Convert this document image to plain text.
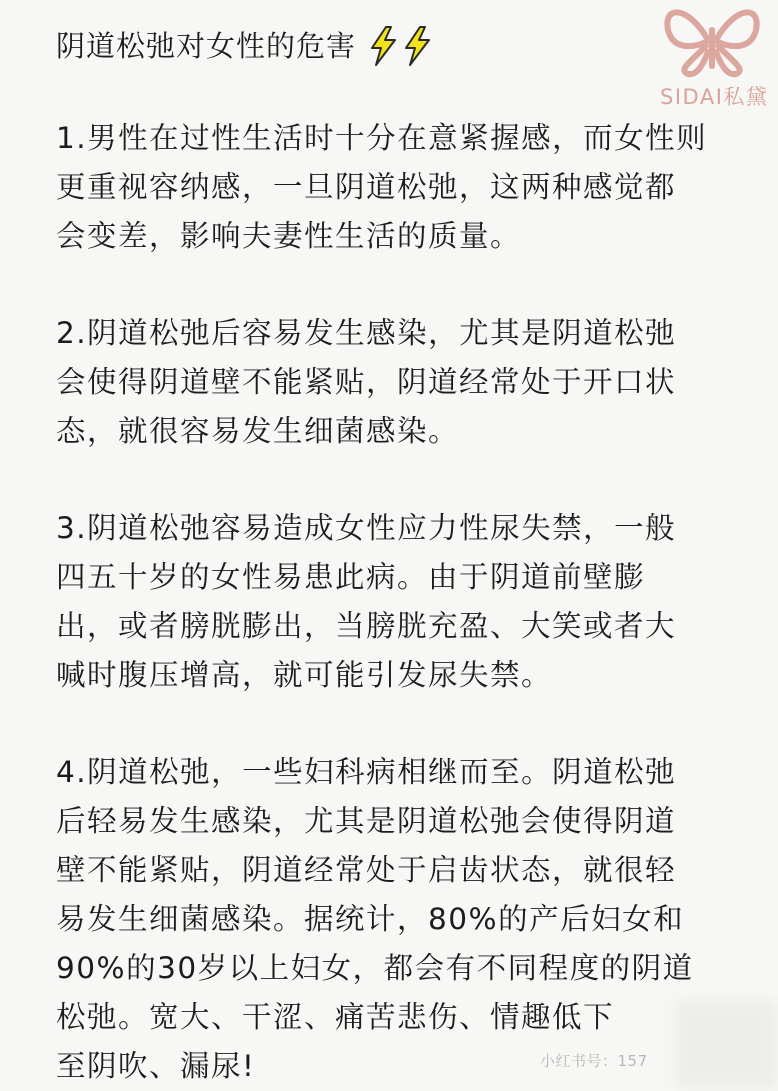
阴道松弛对女性的危害

1.男性在过性生活时十分在意紧握感，而女性则
更重视容纳感，一旦阴道松弛，这两种感觉都
会变差，影响夫妻性生活的质量。

2.阴道松弛后容易发生感染，尤其是阴道松弛
会使得阴道壁不能紧贴，阴道经常处于开口状
态，就很容易发生细菌感染。

3.阴道松弛容易造成女性应力性尿失禁，一般
四五十岁的女性易患此病。由于阴道前壁膨
出，或者膀胱膨出，当膀胱充盈、大笑或者大
喊时腹压增高，就可能引发尿失禁。

4.阴道松弛，一些妇科病相继而至。阴道松弛
后轻易发生感染，尤其是阴道松弛会使得阴道
壁不能紧贴，阴道经常处于启齿状态，就很轻
易发生细菌感染。据统计，80%的产后妇女和
90%的30岁以上妇女，都会有不同程度的阴道
松弛。宽大、干涩、痛苦悲伤、情趣低下
至阴吹、漏尿!

SIDAI私黛
小红书号：157
